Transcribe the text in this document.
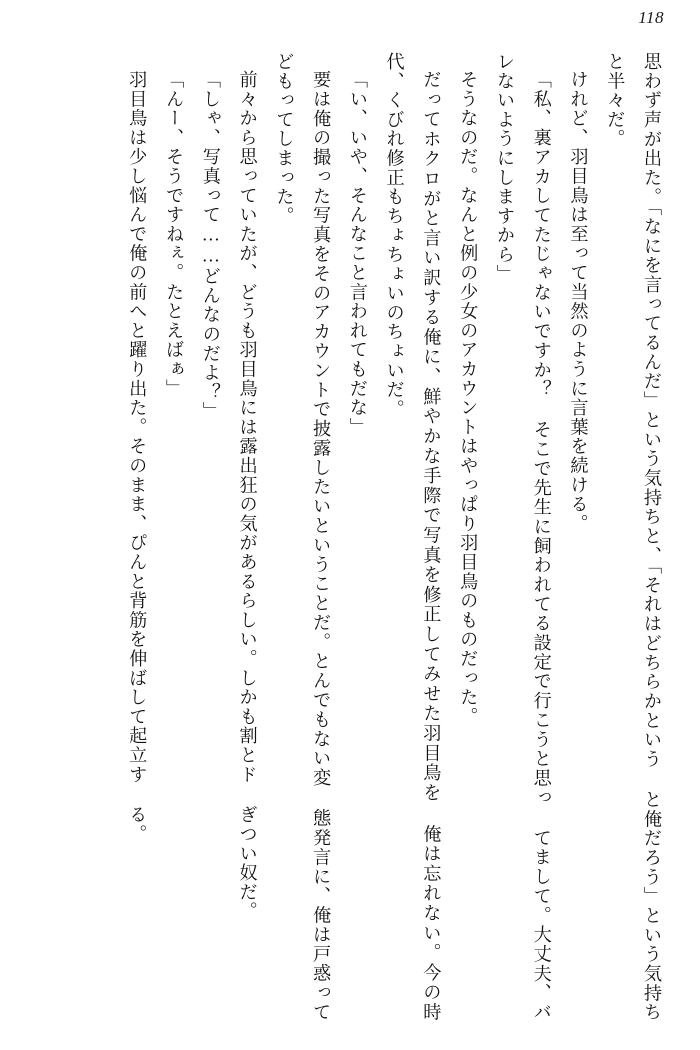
118

思わず声が出た。「なにを言ってるんだ」という気持ちと、「それはどちらかという と俺だろう」という気持ちと半々だ。

けれど、羽目鳥は至って当然のように言葉を続ける。

「私、裏アカしてたじゃないですか？ そこで先生に飼われてる設定で行こうと思っ てまして。大丈夫、バレないようにしますから」

そうなのだ。なんと例の少女のアカウントはやっぱり羽目鳥のものだった。

だってホクロがと言い訳する俺に、鮮やかな手際で写真を修正してみせた羽目鳥を 俺は忘れない。今の時代、くびれ修正もちょちょいのちょいだ。

「い、いや、そんなこと言われてもだな」

要は俺の撮った写真をそのアカウントで披露したいということだ。とんでもない変 態発言に、俺は戸惑ってどもってしまった。

前々から思っていたが、どうも羽目鳥には露出狂の気があるらしい。しかも割とド ぎつい奴だ。

「しゃ、写真って……どんなのだよ？」

「んー、そうですねぇ。たとえばぁ」

羽目鳥は少し悩んで俺の前へと躍り出た。そのまま、ぴんと背筋を伸ばして起立す る。
